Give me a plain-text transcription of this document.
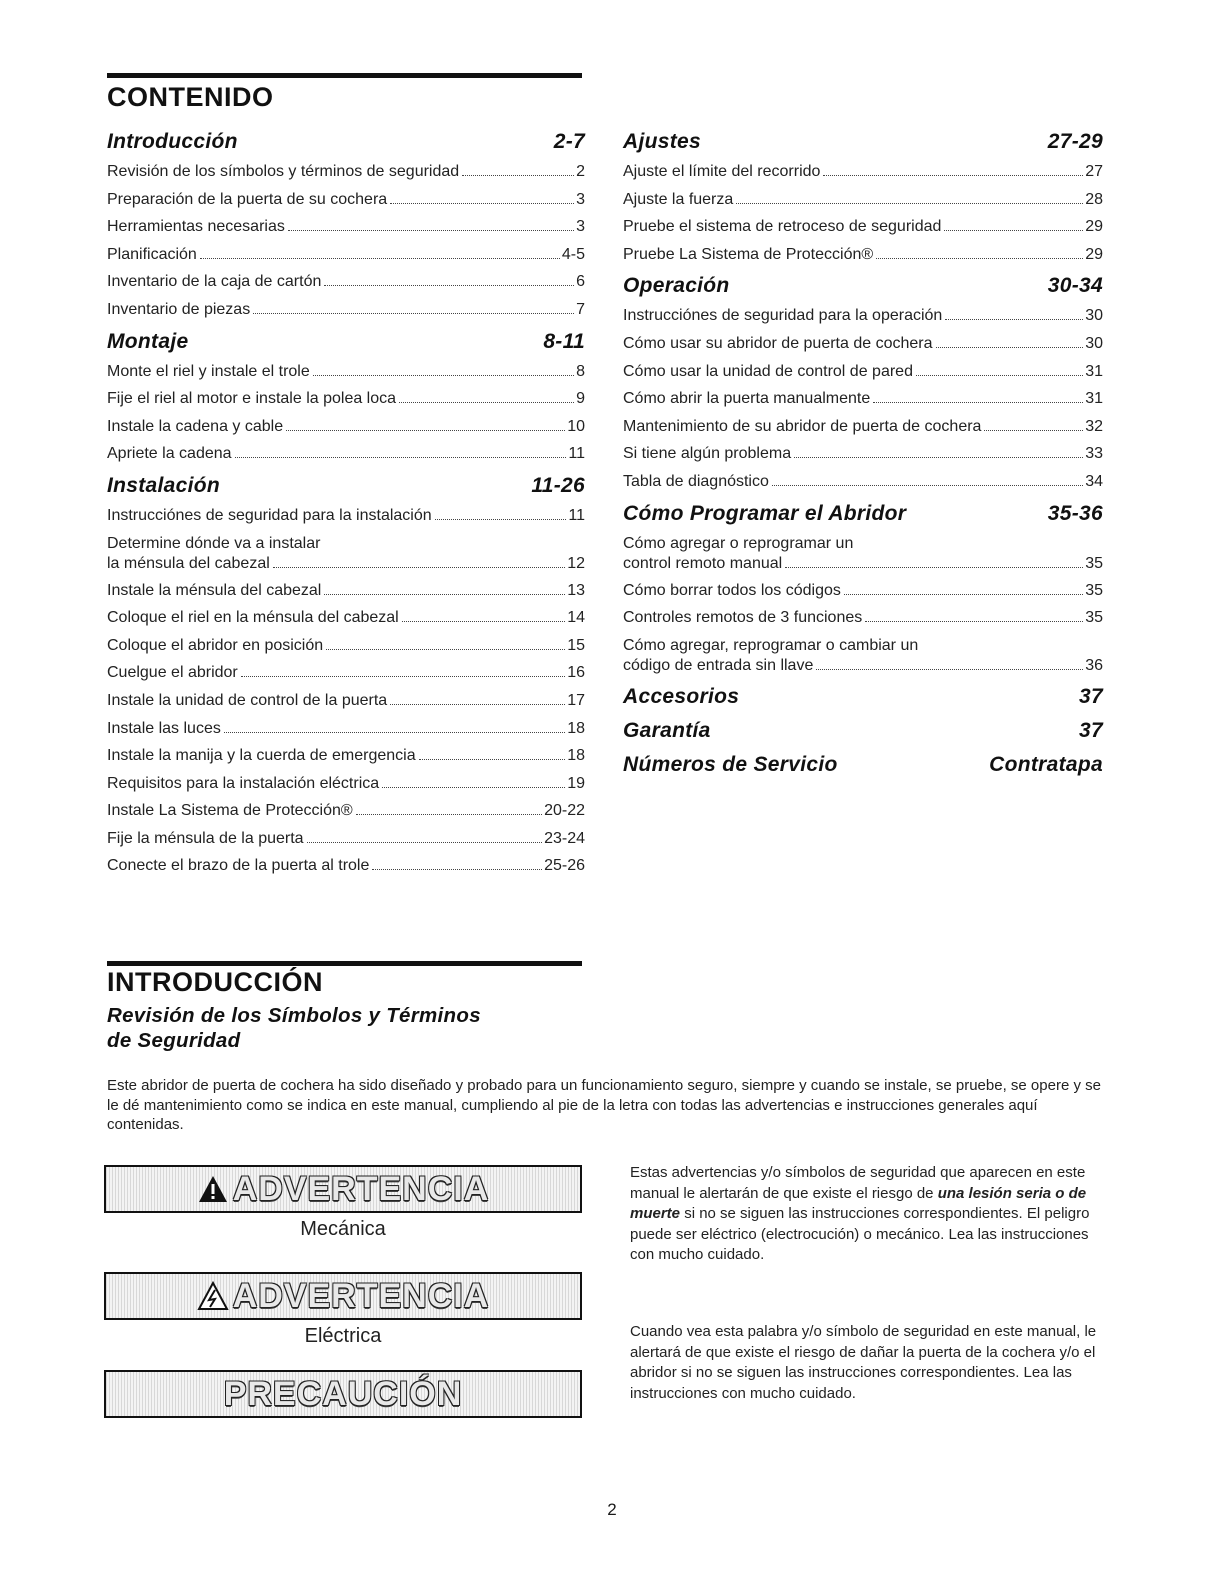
CONTENIDO
Introducción	2-7
Revisión de los símbolos y términos de seguridad	2
Preparación de la puerta de su cochera	3
Herramientas necesarias	3
Planificación	4-5
Inventario de la caja de cartón	6
Inventario de piezas	7
Montaje	8-11
Monte el riel y instale el trole	8
Fije el riel al motor e instale la polea loca	9
Instale la cadena y cable	10
Apriete la cadena	11
Instalación	11-26
Instrucciónes de seguridad para la instalación	11
Determine dónde va a instalar
la ménsula del cabezal	12
Instale la ménsula del cabezal	13
Coloque el riel en la ménsula del cabezal	14
Coloque el abridor en posición	15
Cuelgue el abridor	16
Instale la unidad de control de la puerta	17
Instale las luces	18
Instale la manija y la cuerda de emergencia	18
Requisitos para la instalación eléctrica	19
Instale La Sistema de Protección®	20-22
Fije la ménsula de la puerta	23-24
Conecte el brazo de la puerta al trole	25-26
Ajustes	27-29
Ajuste el límite del recorrido	27
Ajuste la fuerza	28
Pruebe el sistema de retroceso de seguridad	29
Pruebe La Sistema de Protección®	29
Operación	30-34
Instrucciónes de seguridad para la operación	30
Cómo usar su abridor de puerta de cochera	30
Cómo usar la unidad de control de pared	31
Cómo abrir la puerta manualmente	31
Mantenimiento de su abridor de puerta de cochera	32
Si tiene algún problema	33
Tabla de diagnóstico	34
Cómo Programar el Abridor	35-36
Cómo agregar o reprogramar un
control remoto manual	35
Cómo borrar todos los códigos	35
Controles remotos de 3 funciones	35
Cómo agregar, reprogramar o cambiar un
código de entrada sin llave	36
Accesorios	37
Garantía	37
Números de Servicio	Contratapa
INTRODUCCIÓN
Revisión de los Símbolos y Términos
de Seguridad
Este abridor de puerta de cochera ha sido diseñado y probado para un funcionamiento seguro, siempre y cuando se instale, se pruebe, se opere y se le dé mantenimiento como se indica en este manual, cumpliendo al pie de la letra con todas las advertencias e instrucciones generales aquí contenidas.
ADVERTENCIA
Mecánica
ADVERTENCIA
Eléctrica
PRECAUCIÓN
Estas advertencias y/o símbolos de seguridad que aparecen en este manual le alertarán de que existe el riesgo de una lesión seria o de muerte si no se siguen las instrucciones correspondientes. El peligro puede ser eléctrico (electrocución) o mecánico. Lea las instrucciones con mucho cuidado.
Cuando vea esta palabra y/o símbolo de seguridad en este manual, le alertará de que existe el riesgo de dañar la puerta de la cochera y/o el abridor si no se siguen las instrucciones correspondientes. Lea las instrucciones con mucho cuidado.
2
